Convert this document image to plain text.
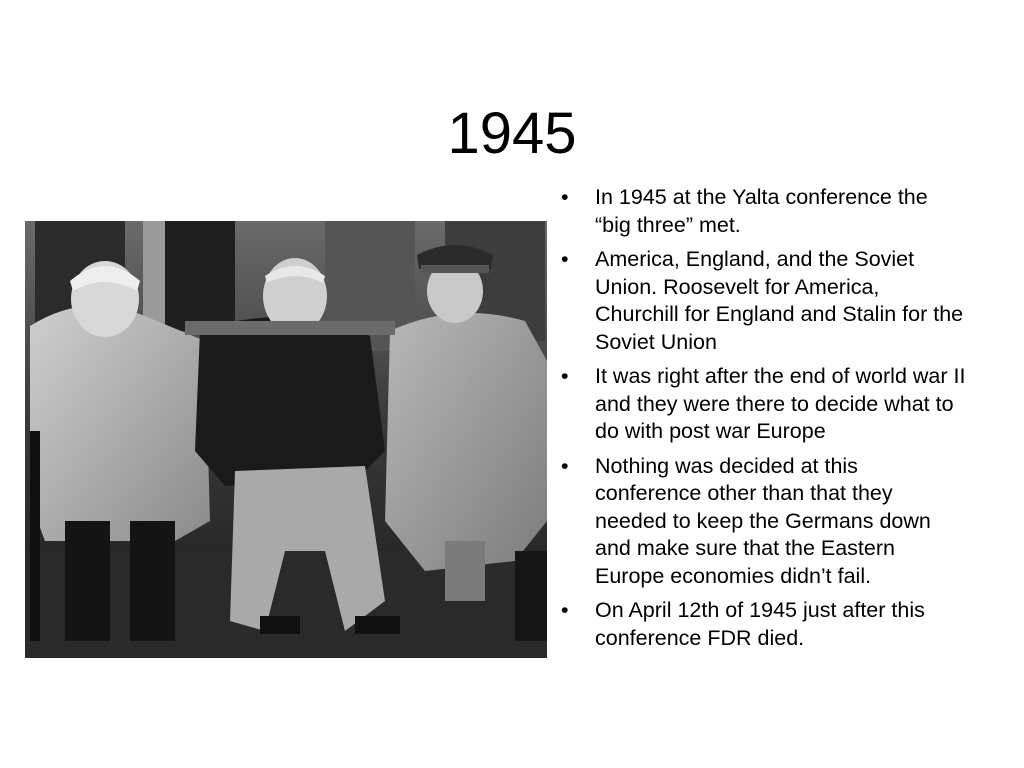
1945
• In 1945 at the Yalta conference the “big three” met.
• America, England, and the Soviet Union. Roosevelt for America, Churchill for England and Stalin for the Soviet Union
• It was right after the end of world war II and they were there to decide what to do with post war Europe
• Nothing was decided at this conference other than that they needed to keep the Germans down and make sure that the Eastern Europe economies didn’t fail.
• On April 12th of 1945 just after this conference FDR died.
